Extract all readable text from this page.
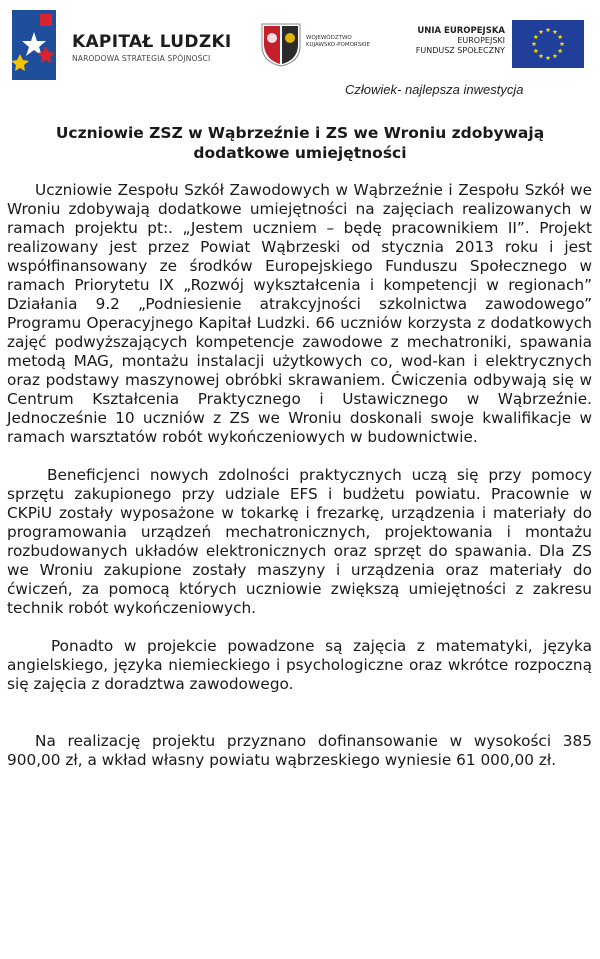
KAPITAŁ LUDZKI
NARODOWA STRATEGIA SPÓJNOŚCI
WOJEWÓDZTWO
KUJAWSKO-POMORSKIE
UNIA EUROPEJSKA
EUROPEJSKI
FUNDUSZ SPOŁECZNY
Człowiek- najlepsza inwestycja
Uczniowie ZSZ w Wąbrzeźnie i ZS we Wroniu zdobywają
dodatkowe umiejętności

Uczniowie Zespołu Szkół Zawodowych w Wąbrzeźnie i Zespołu Szkół we Wroniu zdobywają dodatkowe umiejętności na zajęciach realizowanych w ramach projektu pt:. „Jestem uczniem – będę pracownikiem II”. Projekt realizowany jest przez Powiat Wąbrzeski od stycznia 2013 roku i jest współfinansowany ze środków Europejskiego Funduszu Społecznego w ramach Priorytetu IX „Rozwój wykształcenia i kompetencji w regionach” Działania 9.2 „Podniesienie atrakcyjności szkolnictwa zawodowego” Programu Operacyjnego Kapitał Ludzki. 66 uczniów korzysta z dodatkowych zajęć podwyższających kompetencje zawodowe z mechatroniki, spawania metodą MAG, montażu instalacji użytkowych co, wod-kan i elektrycznych oraz podstawy maszynowej obróbki skrawaniem. Ćwiczenia odbywają się w Centrum Kształcenia Praktycznego i Ustawicznego w Wąbrzeźnie. Jednocześnie 10 uczniów z ZS we Wroniu doskonali swoje kwalifikacje w ramach warsztatów robót wykończeniowych w budownictwie.

Beneficjenci nowych zdolności praktycznych uczą się przy pomocy sprzętu zakupionego przy udziale EFS i budżetu powiatu. Pracownie w CKPiU zostały wyposażone w tokarkę i frezarkę, urządzenia i materiały do programowania urządzeń mechatronicznych, projektowania i montażu rozbudowanych układów elektronicznych oraz sprzęt do spawania. Dla ZS we Wroniu zakupione zostały maszyny i urządzenia oraz materiały do ćwiczeń, za pomocą których uczniowie zwiększą umiejętności z zakresu technik robót wykończeniowych.

Ponadto w projekcie powadzone są zajęcia z matematyki, języka angielskiego, języka niemieckiego i psychologiczne oraz wkrótce rozpoczną się zajęcia z doradztwa zawodowego.

Na realizację projektu przyznano dofinansowanie w wysokości 385 900,00 zł, a wkład własny powiatu wąbrzeskiego wyniesie 61 000,00 zł.
